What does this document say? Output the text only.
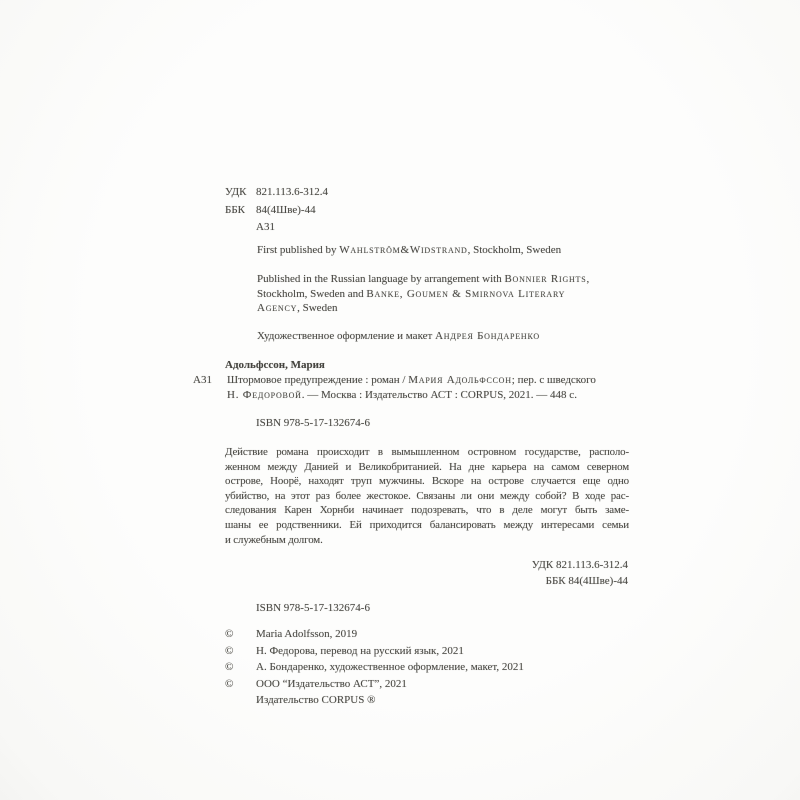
УДК 821.113.6-312.4
ББК	84(4Шве)-44
А31
First published by Wahlström&Widstrand, Stockholm, Sweden
Published in the Russian language by arrangement with Bonnier Rights,
Stockholm, Sweden and Banke, Goumen & Smirnova Literary
Agency, Sweden
Художественное оформление и макет Андрея Бондаренко
Адольфссон, Мария
А31 Штормовое предупреждение : роман / Мария Адольфссон; пер. с шведского
Н. Федоровой. — Москва : Издательство АСТ : CORPUS, 2021. — 448 с.
ISBN 978-5-17-132674-6
Действие романа происходит в вымышленном островном государстве, располо-
женном между Данией и Великобританией. На дне карьера на самом северном
острове, Ноорё, находят труп мужчины. Вскоре на острове случается еще одно
убийство, на этот раз более жестокое. Связаны ли они между собой? В ходе рас-
следования Карен Хорнби начинает подозревать, что в деле могут быть заме-
шаны ее родственники. Ей приходится балансировать между интересами семьи
и служебным долгом.
УДК 821.113.6-312.4
ББК 84(4Шве)-44
ISBN 978-5-17-132674-6
©	Maria Adolfsson, 2019
©	Н. Федорова, перевод на русский язык, 2021
©	А. Бондаренко, художественное оформление, макет, 2021
©	ООО “Издательство АСТ”, 2021
Издательство CORPUS ®
